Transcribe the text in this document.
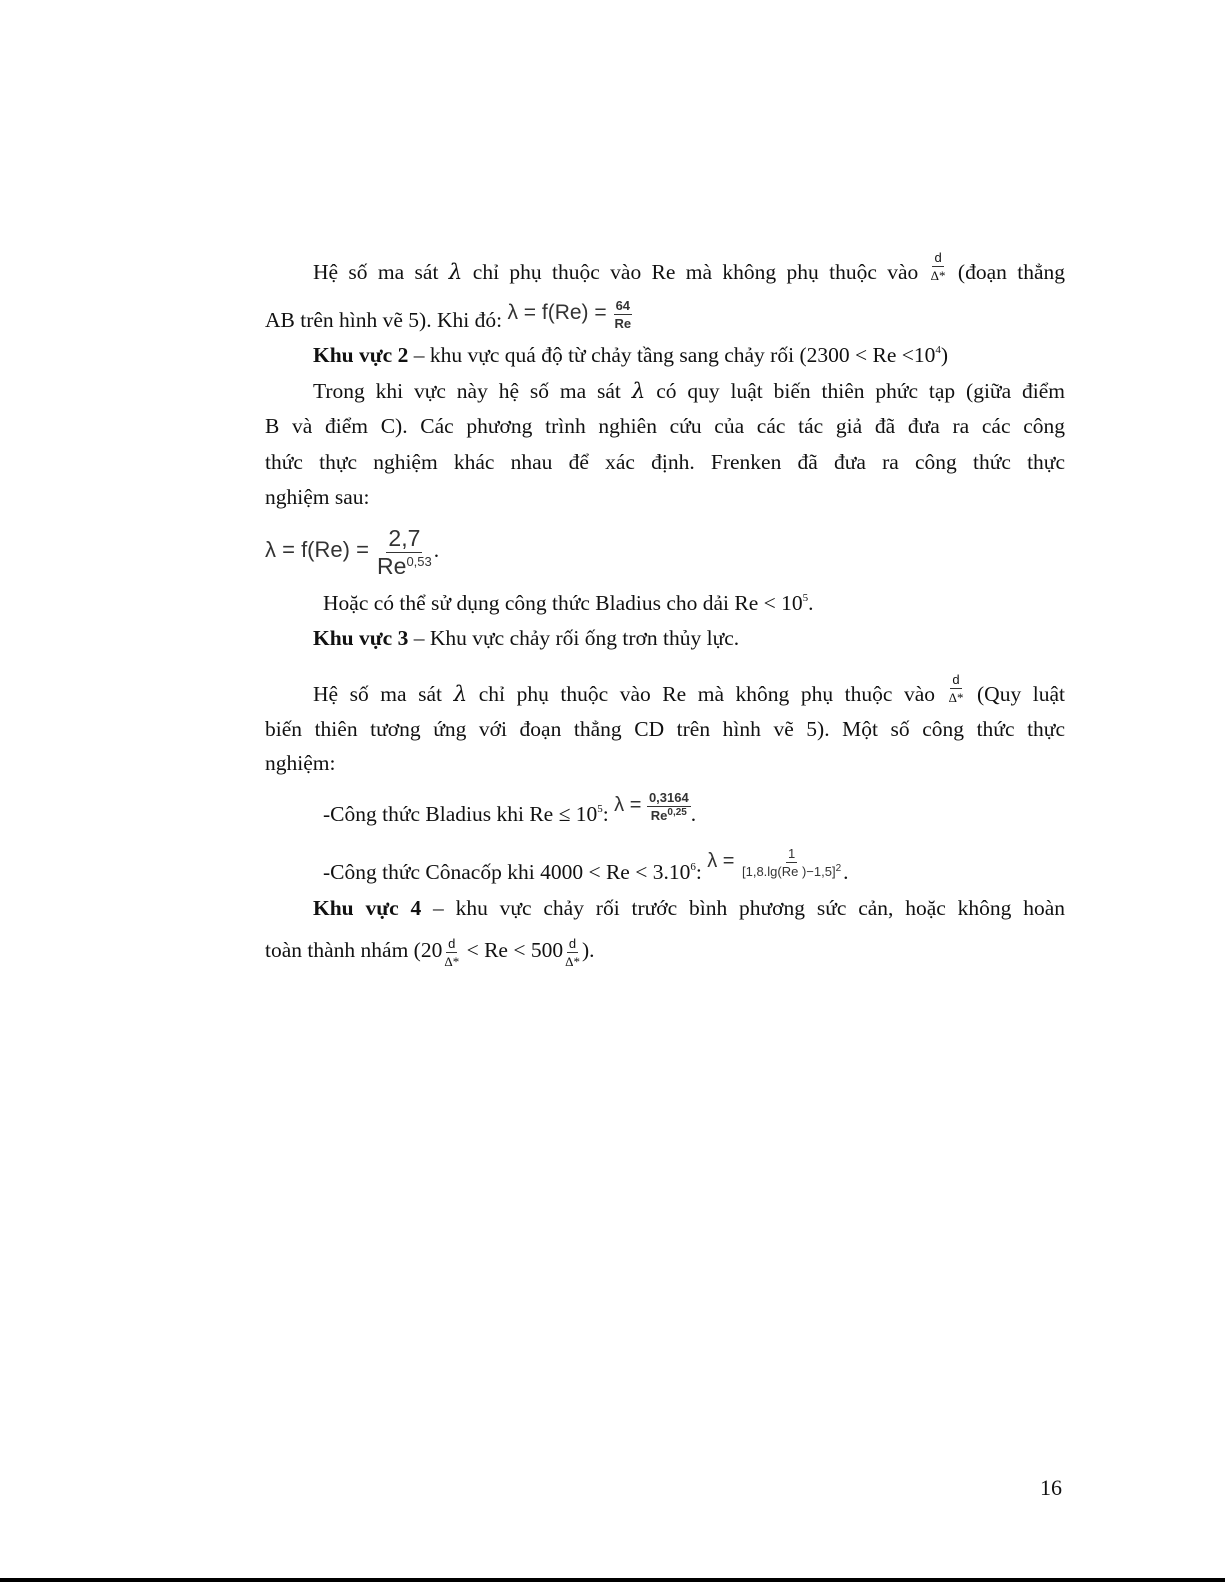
Hệ số ma sát λ chỉ phụ thuộc vào Re mà không phụ thuộc vào $\frac{d}{\Delta*}$ (đoạn thẳng
AB trên hình vẽ 5). Khi đó: $\lambda = f(Re) = \frac{64}{Re}$
Khu vực 2 – khu vực quá độ từ chảy tầng sang chảy rối $(2300 < Re <10^4)$
Trong khi vực này hệ số ma sát λ có quy luật biến thiên phức tạp (giữa điểm
B và điểm C). Các phương trình nghiên cứu của các tác giả đã đưa ra các công
thức thực nghiệm khác nhau để xác định. Frenken đã đưa ra công thức thực
nghiệm sau:
$\lambda = f(Re) = \frac{2,7}{Re^{0,53}}$ .
Hoặc có thể sử dụng công thức Bladius cho dải $Re < 10^5$.
Khu vực 3 – Khu vực chảy rối ống trơn thủy lực.
Hệ số ma sát λ chỉ phụ thuộc vào Re mà không phụ thuộc vào $\frac{d}{\Delta*} (Quy$ luật
biến thiên tương ứng với đoạn thẳng CD trên hình vẽ 5). Một số công thức thực
nghiệm:
-Công thức Bladius khi $Re \le 10^5$: $\lambda = \frac{0,3164}{Re^{0,25}}$ .
-Công thức Cônacốp khi $4000 < Re < 3.10^6$: $\lambda = \frac{1}{[1,8.\lg(Re )-1,5]^2}$ .
Khu vực 4 – khu vực chảy rối trước bình phương sức cản, hoặc không hoàn
toàn thành nhám ($20 \frac{d}{\Delta*} < Re < 500 \frac{d}{\Delta*}$ ).
16
